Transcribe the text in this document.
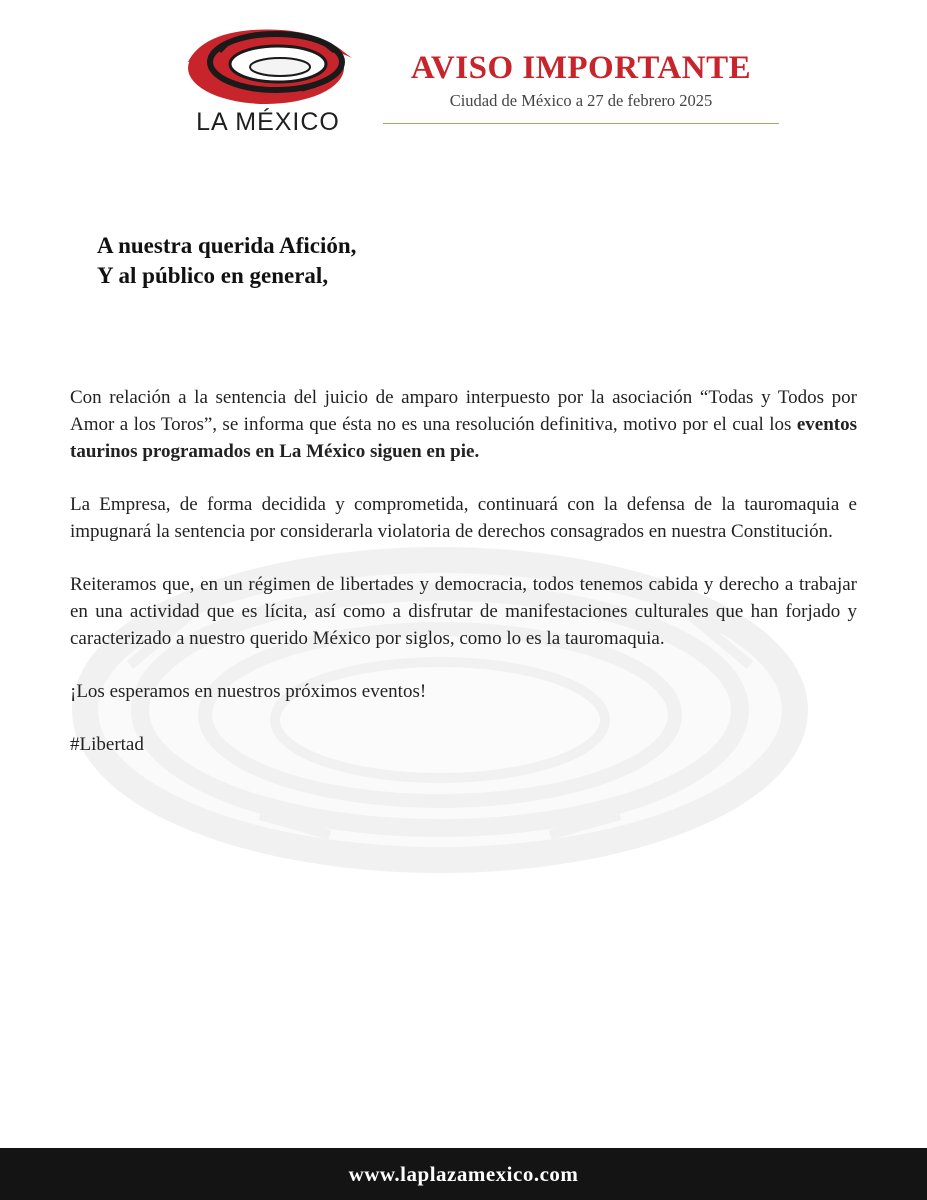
LA MÉXICO
AVISO IMPORTANTE
Ciudad de México a 27 de febrero 2025
A nuestra querida Afición,
Y al público en general,

Con relación a la sentencia del juicio de amparo interpuesto por la asociación “Todas y Todos por Amor a los Toros”, se informa que ésta no es una resolución definitiva, motivo por el cual los eventos taurinos programados en La México siguen en pie.

La Empresa, de forma decidida y comprometida, continuará con la defensa de la tauromaquia e impugnará la sentencia por considerarla violatoria de derechos consagrados en nuestra Constitución.

Reiteramos que, en un régimen de libertades y democracia, todos tenemos cabida y derecho a trabajar en una actividad que es lícita, así como a disfrutar de manifestaciones culturales que han forjado y caracterizado a nuestro querido México por siglos, como lo es la tauromaquia.

¡Los esperamos en nuestros próximos eventos!

#Libertad

www.laplazamexico.com
